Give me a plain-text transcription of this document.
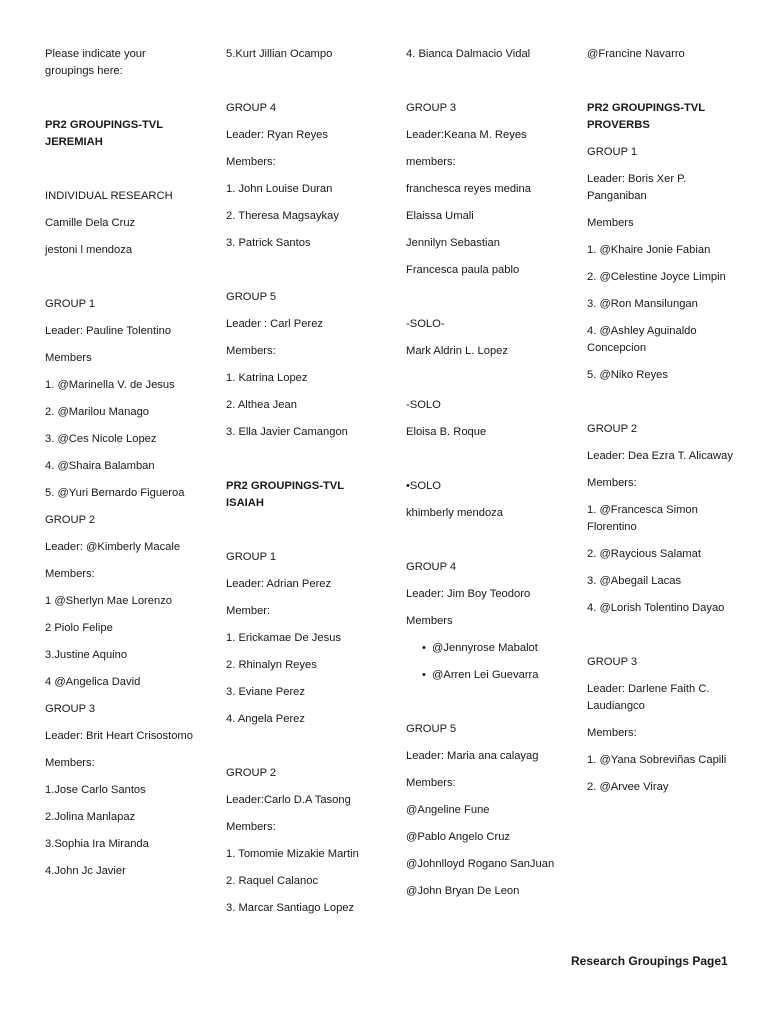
Please indicate your groupings here:
PR2 GROUPINGS-TVL JEREMIAH
INDIVIDUAL RESEARCH
Camille Dela Cruz
jestoni l mendoza
GROUP 1
Leader: Pauline Tolentino
Members
1. @Marinella V. de Jesus
2. @Marilou Manago
3. @Ces Nicole Lopez
4. @Shaira Balamban
5. @Yuri Bernardo Figueroa
GROUP 2
Leader: @Kimberly Macale
Members:
1 @Sherlyn Mae Lorenzo
2 Piolo Felipe
3.Justine Aquino
4 @Angelica David
GROUP 3
Leader: Brit Heart Crisostomo
Members:
1.Jose Carlo Santos
2.Jolina Manlapaz
3.Sophia Ira Miranda
4.John Jc Javier
5.Kurt Jillian Ocampo
GROUP 4
Leader: Ryan Reyes
Members:
1. John Louise Duran
2. Theresa Magsaykay
3. Patrick Santos
GROUP 5
Leader : Carl Perez
Members:
1. Katrina Lopez
2. Althea Jean
3. Ella Javier Camangon
PR2 GROUPINGS-TVL ISAIAH
GROUP 1
Leader: Adrian Perez
Member:
1. Erickamae De Jesus
2. Rhinalyn Reyes
3. Eviane Perez
4. Angela Perez
GROUP 2
Leader:Carlo D.A Tasong
Members:
1. Tomomie Mizakie Martin
2. Raquel Calanoc
3. Marcar Santiago Lopez
4. Bianca Dalmacio Vidal
GROUP 3
Leader:Keana M. Reyes
members:
franchesca reyes medina
Elaissa Umali
Jennilyn Sebastian
Francesca paula pablo
-SOLO-
Mark Aldrin L. Lopez
-SOLO
Eloisa B. Roque
•SOLO
khimberly mendoza
GROUP 4
Leader: Jim Boy Teodoro
Members
• @Jennyrose Mabalot
• @Arren Lei Guevarra
GROUP 5
Leader: Maria ana calayag
Members:
@Angeline Fune
@Pablo Angelo Cruz
@Johnlloyd Rogano SanJuan
@John Bryan De Leon
@Francine Navarro
PR2 GROUPINGS-TVL PROVERBS
GROUP 1
Leader: Boris Xer P. Panganiban
Members
1. @Khaire Jonie Fabian
2. @Celestine Joyce Limpin
3. @Ron Mansilungan
4. @Ashley Aguinaldo Concepcion
5. @Niko Reyes
GROUP 2
Leader: Dea Ezra T. Alicaway
Members:
1. @Francesca Simon Florentino
2. @Raycious Salamat
3. @Abegail Lacas
4. @Lorish Tolentino Dayao
GROUP 3
Leader: Darlene Faith C. Laudiangco
Members:
1. @Yana Sobreviñas Capili
2. @Arvee Viray
Research Groupings Page1
